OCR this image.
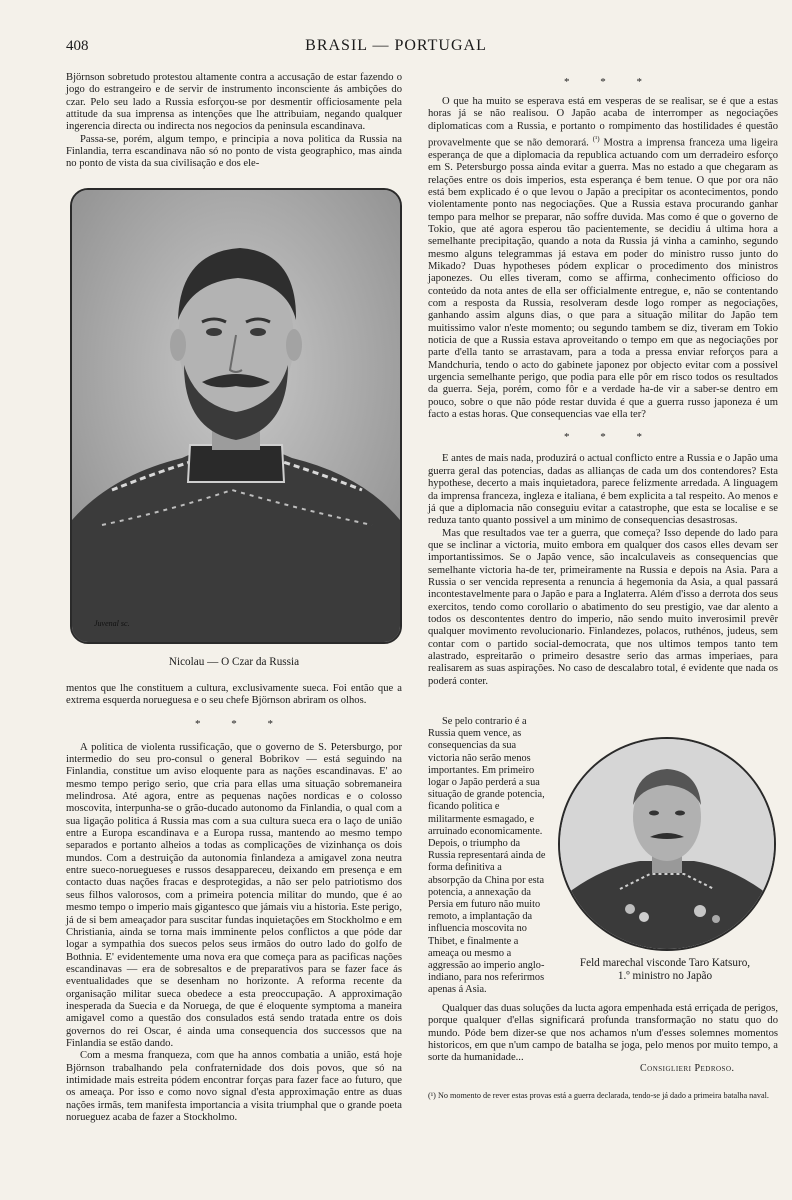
408	BRASIL — PORTUGAL

Björnson sobretudo protestou altamente contra a accusação de estar fazendo o jogo do estrangeiro e de servir de instrumento inconsciente ás ambições do czar. Pelo seu lado a Russia esforçou-se por desmentir officiosamente pela attitude da sua imprensa as intenções que lhe attribuiam, negando qualquer ingerencia directa ou indirecta nos negocios da peninsula escandinava.

Passa-se, porém, algum tempo, e principia a nova politica da Russia na Finlandia, terra escandinava não só no ponto de vista geographico, mas ainda no ponto de vista da sua civilisação e dos ele-

Juvenal sc.
Nicolau — O Czar da Russia

mentos que lhe constituem a cultura, exclusivamente sueca. Foi então que a extrema esquerda norueguesa e o seu chefe Björnson abriram os olhos.

* * *

A politica de violenta russificação, que o governo de S. Petersburgo, por intermedio do seu pro-consul o general Bobrikov — está seguindo na Finlandia, constitue um aviso eloquente para as nações escandinavas. E' ao mesmo tempo perigo serio, que cria para ellas uma situação sobremaneira melindrosa. Até agora, entre as pequenas nações nordicas e o colosso moscovita, interpunha-se o grão-ducado autonomo da Finlandia, o qual com a sua ligação politica á Russia mas com a sua cultura sueca era o laço de união entre a Europa escandinava e a Europa russa, mantendo ao mesmo tempo separados e portanto alheios a todas as complicações de vizinhança os dois mundos. Com a destruição da autonomia finlandeza a amigavel zona neutra entre sueco-noruegueses e russos desappareceu, deixando em presença e em contacto duas nações fracas e desprotegidas, a não ser pelo patriotismo dos seus filhos valorosos, com a primeira potencia militar do mundo, que é ao mesmo tempo o imperio mais gigantesco que jámais viu a historia. Este perigo, já de si bem ameaçador para suscitar fundas inquietações em Stockholmo e em Christiania, ainda se torna mais imminente pelos conflictos a que póde dar logar a sympathia dos suecos pelos seus irmãos do outro lado do golfo de Bothnia. E' evidentemente uma nova era que começa para as pacificas nações escandinavas — era de sobresaltos e de preparativos para se fazer face ás eventualidades que se desenham no horizonte. A reforma recente da organisação militar sueca obedece a esta preoccupação. A approximação inesperada da Suecia e da Noruega, de que é eloquente symptoma a maneira amigavel como a questão dos consulados está sendo tratada entre os dois governos do rei Oscar, é ainda uma consequencia dos successos que na Finlandia se estão dando.

Com a mesma franqueza, com que ha annos combatia a união, está hoje Björnson trabalhando pela confraternidade dos dois povos, que só na intimidade mais estreita pódem encontrar forças para fazer face ao futuro, que os ameaça. Por isso e como novo signal d'esta approximação entre as duas nações irmãs, tem manifesta importancia a visita triumphal que o grande poeta norueguez acaba de fazer a Stockholmo.

* * *

O que ha muito se esperava está em vesperas de se realisar, se é que a estas horas já se não realisou. O Japão acaba de interromper as negociações diplomaticas com a Russia, e portanto o rompimento das hostilidades é questão provavelmente que se não demorará. $^{(^1)}$ Mostra a imprensa franceza uma ligeira esperança de que a diplomacia da republica actuando com um derradeiro esforço em S. Petersburgo possa ainda evitar a guerra. Mas no estado a que chegaram as relações entre os dois imperios, esta esperança é bem tenue. O que por ora não está bem explicado é o que levou o Japão a precipitar os acontecimentos, pondo violentamente ponto nas negociações. Que a Russia estava procurando ganhar tempo para melhor se preparar, não soffre duvida. Mas como é que o governo de Tokio, que até agora esperou tão pacientemente, se decidiu á ultima hora a semelhante precipitação, quando a nota da Russia já vinha a caminho, segundo mesmo alguns telegrammas já estava em poder do ministro russo junto do Mikado? Duas hypotheses pódem explicar o procedimento dos ministros japonezes. Ou elles tiveram, como se affirma, conhecimento officioso do conteúdo da nota antes de ella ser officialmente entregue, e, não se contentando com a resposta da Russia, resolveram desde logo romper as negociações, ganhando assim alguns dias, o que para a situação militar do Japão tem muitissimo valor n'este momento; ou segundo tambem se diz, tiveram em Tokio noticia de que a Russia estava aproveitando o tempo em que as negociações por parte d'ella tanto se arrastavam, para a toda a pressa enviar reforços para a Mandchuria, tendo o acto do gabinete japonez por objecto evitar com a possivel urgencia semelhante perigo, que podia para elle pôr em risco todos os resultados da guerra. Seja, porém, como fôr e a verdade ha-de vir a saber-se dentro em pouco, sobre o que não póde restar duvida é que a guerra russo japoneza é um facto a estas horas. Que consequencias vae ella ter?

* * *

E antes de mais nada, produzirá o actual conflicto entre a Russia e o Japão uma guerra geral das potencias, dadas as allianças de cada um dos contendores? Esta hypothese, decerto a mais inquietadora, parece felizmente arredada. A linguagem da imprensa franceza, ingleza e italiana, é bem explicita a tal respeito. Ao menos e já que a diplomacia não conseguiu evitar a catastrophe, que esta se localise e se reduza tanto quanto possivel a um minimo de consequencias desastrosas.

Mas que resultados vae ter a guerra, que começa? Isso depende do lado para que se inclinar a victoria, muito embora em qualquer dos casos elles devam ser importantissimos. Se o Japão vence, são incalculaveis as consequencias que semelhante victoria ha-de ter, primeiramente na Russia e depois na Asia. Para a Russia o ser vencida representa a renuncia á hegemonia da Asia, a qual passará incontestavelmente para o Japão e para a Inglaterra. Além d'isso a derrota dos seus exercitos, tendo como corollario o abatimento do seu prestigio, vae dar alento a todos os descontentes dentro do imperio, não sendo muito inverosimil prevêr qualquer movimento revolucionario. Finlandezes, polacos, ruthénos, judeus, sem contar com o partido social-democrata, que nos ultimos tempos tanto tem alastrado, espreitarão o primeiro desastre serio das armas imperiaes, para realisarem as suas aspirações. No caso de descalabro total, é evidente que nada os poderá conter.

Se pelo contrario é a Russia quem vence, as consequencias da sua victoria não serão menos importantes. Em primeiro logar o Japão perderá a sua situação de grande potencia, ficando politica e militarmente esmagado, e arruinado economicamente. Depois, o triumpho da Russia representará ainda de forma definitiva a absorpção da China por esta potencia, a annexação da Persia em futuro não muito remoto, a implantação da influencia moscovita no Thibet, e finalmente a ameaça ou mesmo a aggressão ao imperio anglo-indiano, para nos referirmos apenas á Asia.

Feld marechal visconde Taro Katsuro,
1.º ministro no Japão

Qualquer das duas soluções da lucta agora empenhada está erriçada de perigos, porque qualquer d'ellas significará profunda transformação no statu quo do mundo. Póde bem dizer-se que nos achamos n'um d'esses solemnes momentos historicos, em que n'um campo de batalha se joga, pelo menos por muito tempo, a sorte da humanidade...

Consiglieri Pedroso.
(¹) No momento de rever estas provas está a guerra declarada, tendo-se já dado a primeira batalha naval.
